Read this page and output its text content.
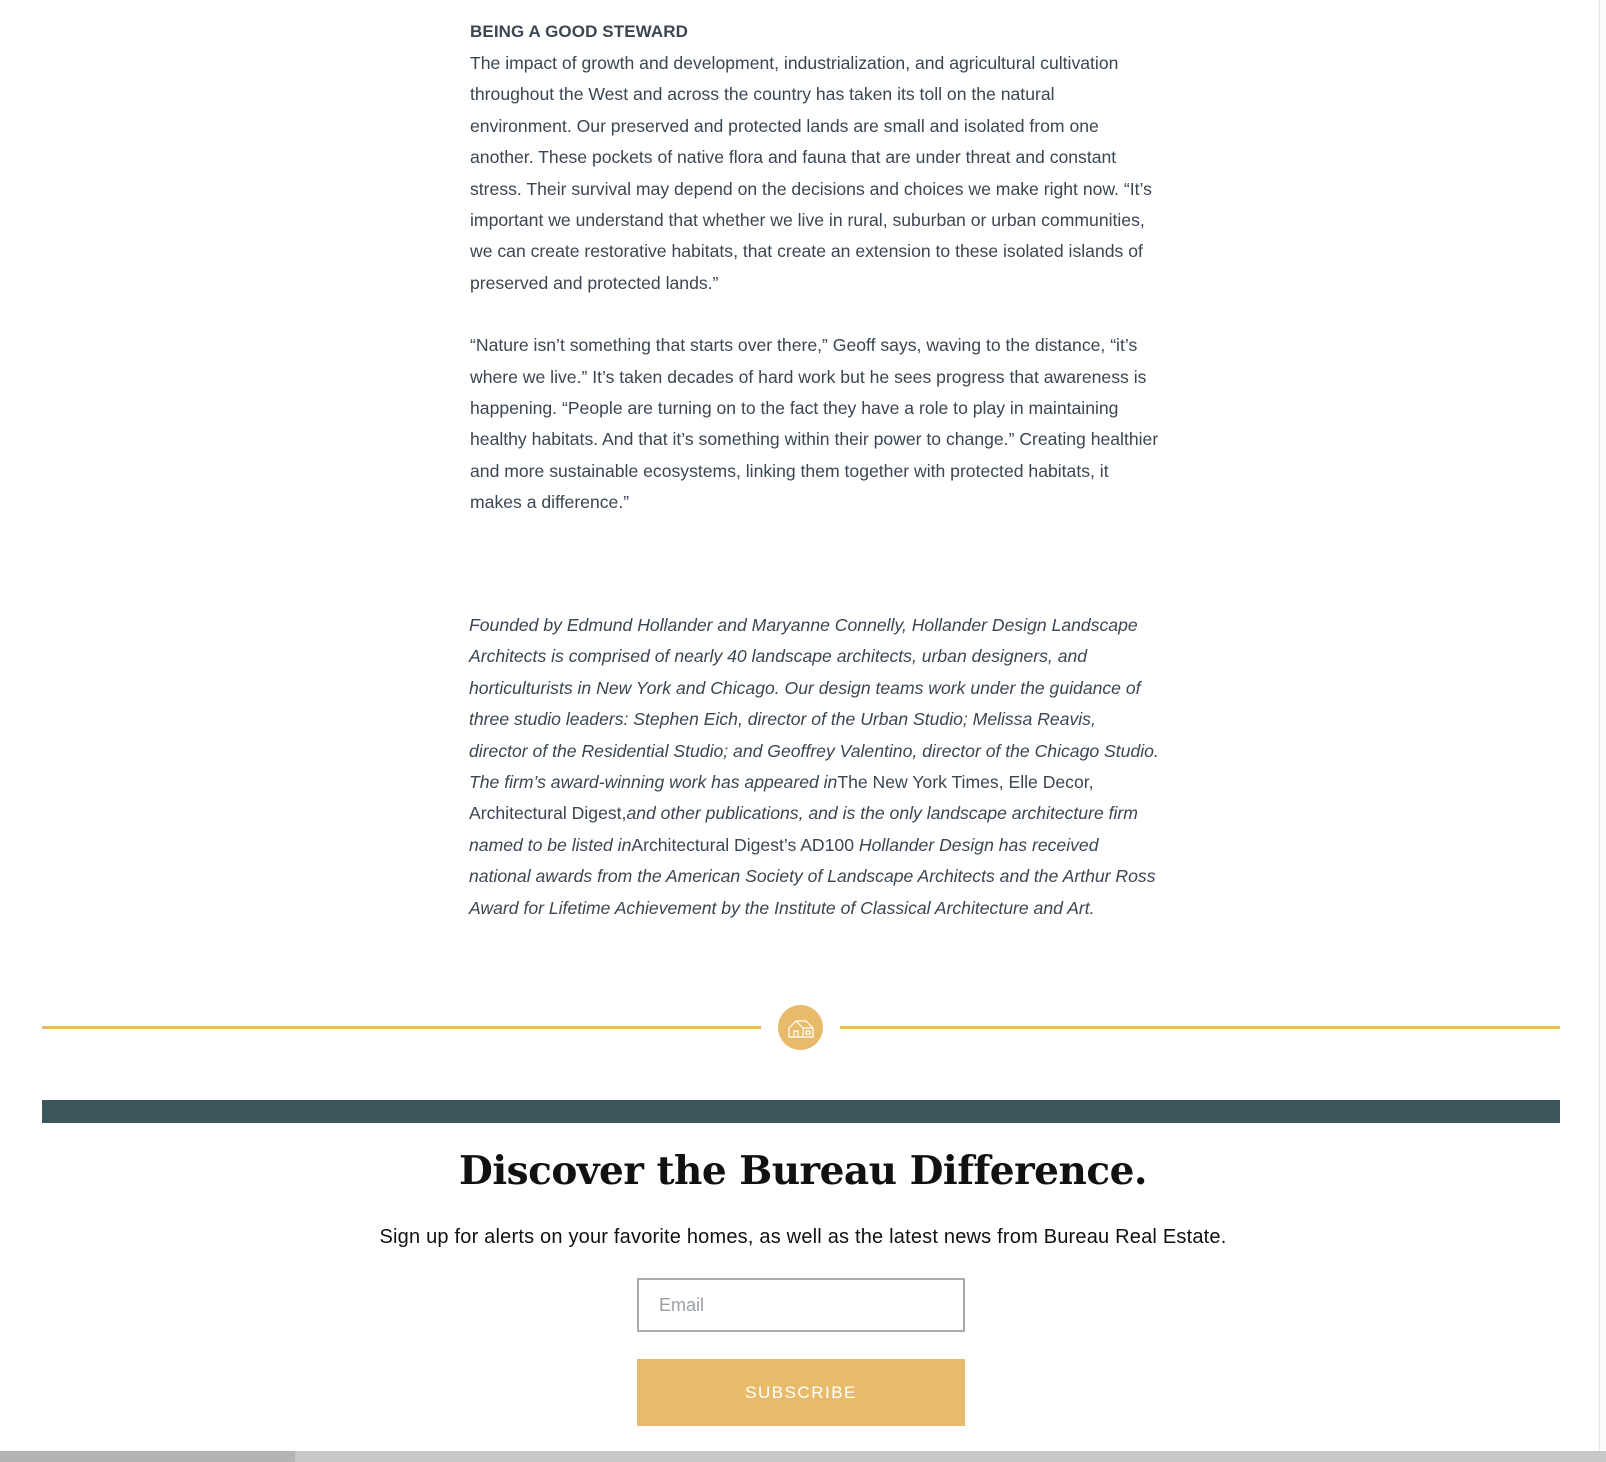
BEING A GOOD STEWARD

The impact of growth and development, industrialization, and agricultural cultivation throughout the West and across the country has taken its toll on the natural environment. Our preserved and protected lands are small and isolated from one another. These pockets of native flora and fauna that are under threat and constant stress. Their survival may depend on the decisions and choices we make right now. “It’s important we understand that whether we live in rural, suburban or urban communities, we can create restorative habitats, that create an extension to these isolated islands of preserved and protected lands.”

“Nature isn’t something that starts over there,” Geoff says, waving to the distance, “it’s where we live.” It’s taken decades of hard work but he sees progress that awareness is happening. “People are turning on to the fact they have a role to play in maintaining healthy habitats. And that it’s something within their power to change.” Creating healthier and more sustainable ecosystems, linking them together with protected habitats, it makes a difference.”

Founded by Edmund Hollander and Maryanne Connelly, Hollander Design Landscape Architects is comprised of nearly 40 landscape architects, urban designers, and horticulturists in New York and Chicago. Our design teams work under the guidance of three studio leaders: Stephen Eich, director of the Urban Studio; Melissa Reavis, director of the Residential Studio; and Geoffrey Valentino, director of the Chicago Studio. The firm’s award-winning work has appeared inThe New York Times, Elle Decor, Architectural Digest,and other publications, and is the only landscape architecture firm named to be listed inArchitectural Digest’s AD100 Hollander Design has received national awards from the American Society of Landscape Architects and the Arthur Ross Award for Lifetime Achievement by the Institute of Classical Architecture and Art.

Discover the Bureau Difference.

Sign up for alerts on your favorite homes, as well as the latest news from Bureau Real Estate.

Email
SUBSCRIBE
